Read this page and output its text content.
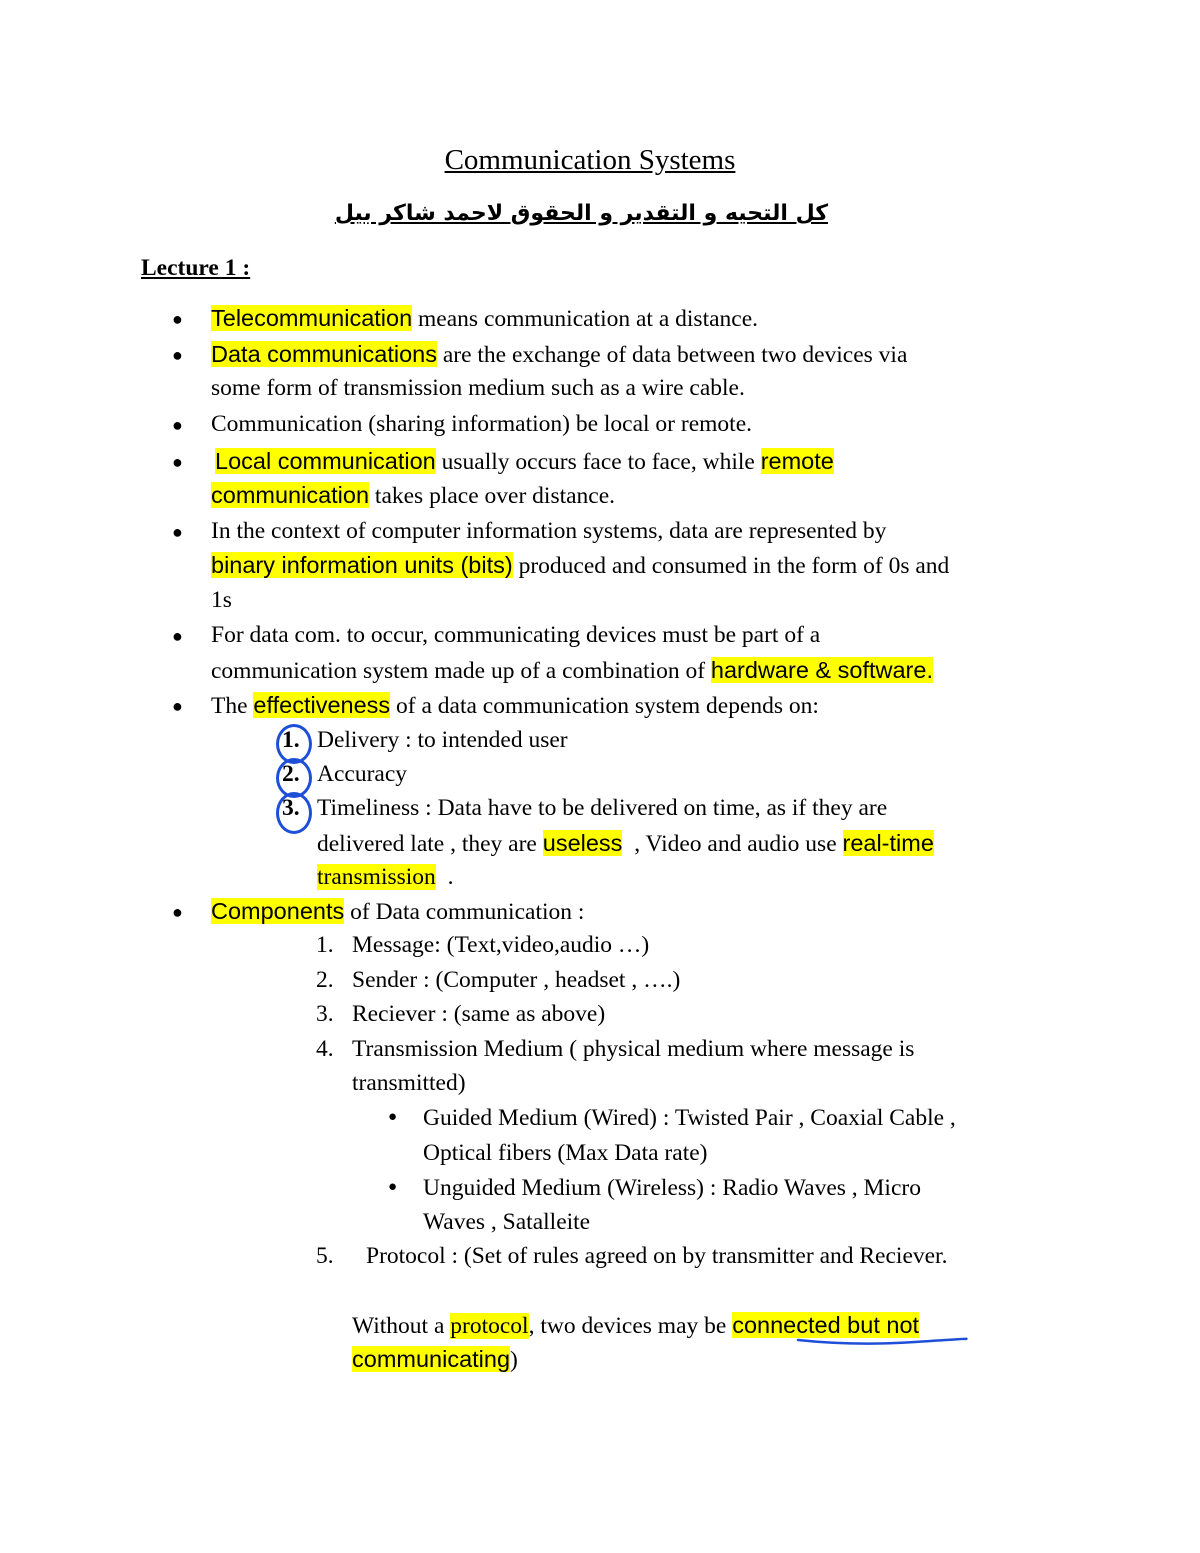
Communication Systems
كل التحيه و التقدير و الحقوق لاحمد شاكر بيل
Lecture 1 :
● Telecommunication means communication at a distance.
● Data communications are the exchange of data between two devices via
some form of transmission medium such as a wire cable.
● Communication (sharing information) be local or remote.
● Local communication usually occurs face to face, while remote
communication takes place over distance.
● In the context of computer information systems, data are represented by
binary information units (bits) produced and consumed in the form of 0s and
1s
● For data com. to occur, communicating devices must be part of a
communication system made up of a combination of hardware & software.
● The effectiveness of a data communication system depends on:
1. Delivery : to intended user
2. Accuracy
3. Timeliness : Data have to be delivered on time, as if they are
delivered late , they are useless  , Video and audio use real-time
transmission  .
● Components of Data communication :
1. Message: (Text,video,audio …)
2. Sender : (Computer , headset , ….)
3. Reciever : (same as above)
4. Transmission Medium ( physical medium where message is
transmitted)
● Guided Medium (Wired) : Twisted Pair , Coaxial Cable ,
Optical fibers (Max Data rate)
● Unguided Medium (Wireless) : Radio Waves , Micro
Waves , Satalleite
5. Protocol : (Set of rules agreed on by transmitter and Reciever.
Without a protocol, two devices may be connected but not
communicating)
